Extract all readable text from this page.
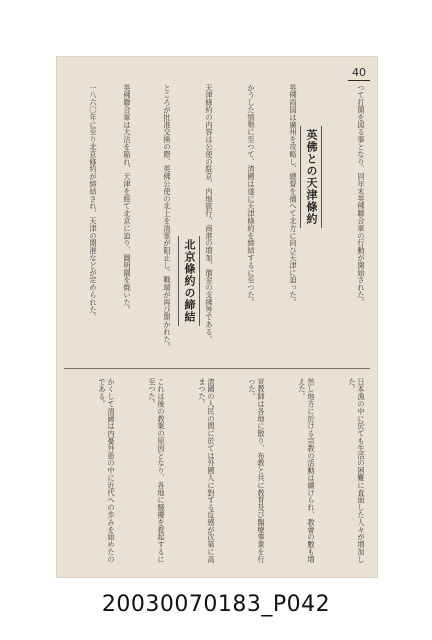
40
つて打開を図る事となり、同年末英佛聯合軍の行動が開始された。
英佛との天津條約
英佛両国は廣州を攻略し、總督を捕へて北方に向ひ天津に迫った。
かうした情勢に至つて、清國は遂に天津條約を締結するに至つた。
天津條約の内容は公使の駐京、内地旅行、商港の増加、償金の支拂等である。
ところが批准交換の際、英佛公使の北上を清軍が阻止し、戰端が再び開かれた。	北京條約の締結
英佛聯合軍は大沽を陥れ、天津を經て北京に迫り、圓明園を焼いた。
一八六〇年に至り北京條約が締結され、天津の開港などが定められた。
日本漁の中に於ても生活の困難に直面した人々が増加した。
然し地方に於ける宗教の活動は續けられ、教會の數も増えた。
宣教師は各地に散り、布教と共に教育及び醫療事業を行つた。
清國の人民の間に於ては外國人に對する反感が次第に高まつた。
これは後の教案の原因となり、各地に騒擾を惹起するに至つた。
かくして清國は内憂外患の中に近代への歩みを始めたのである。
20030070183_P042
